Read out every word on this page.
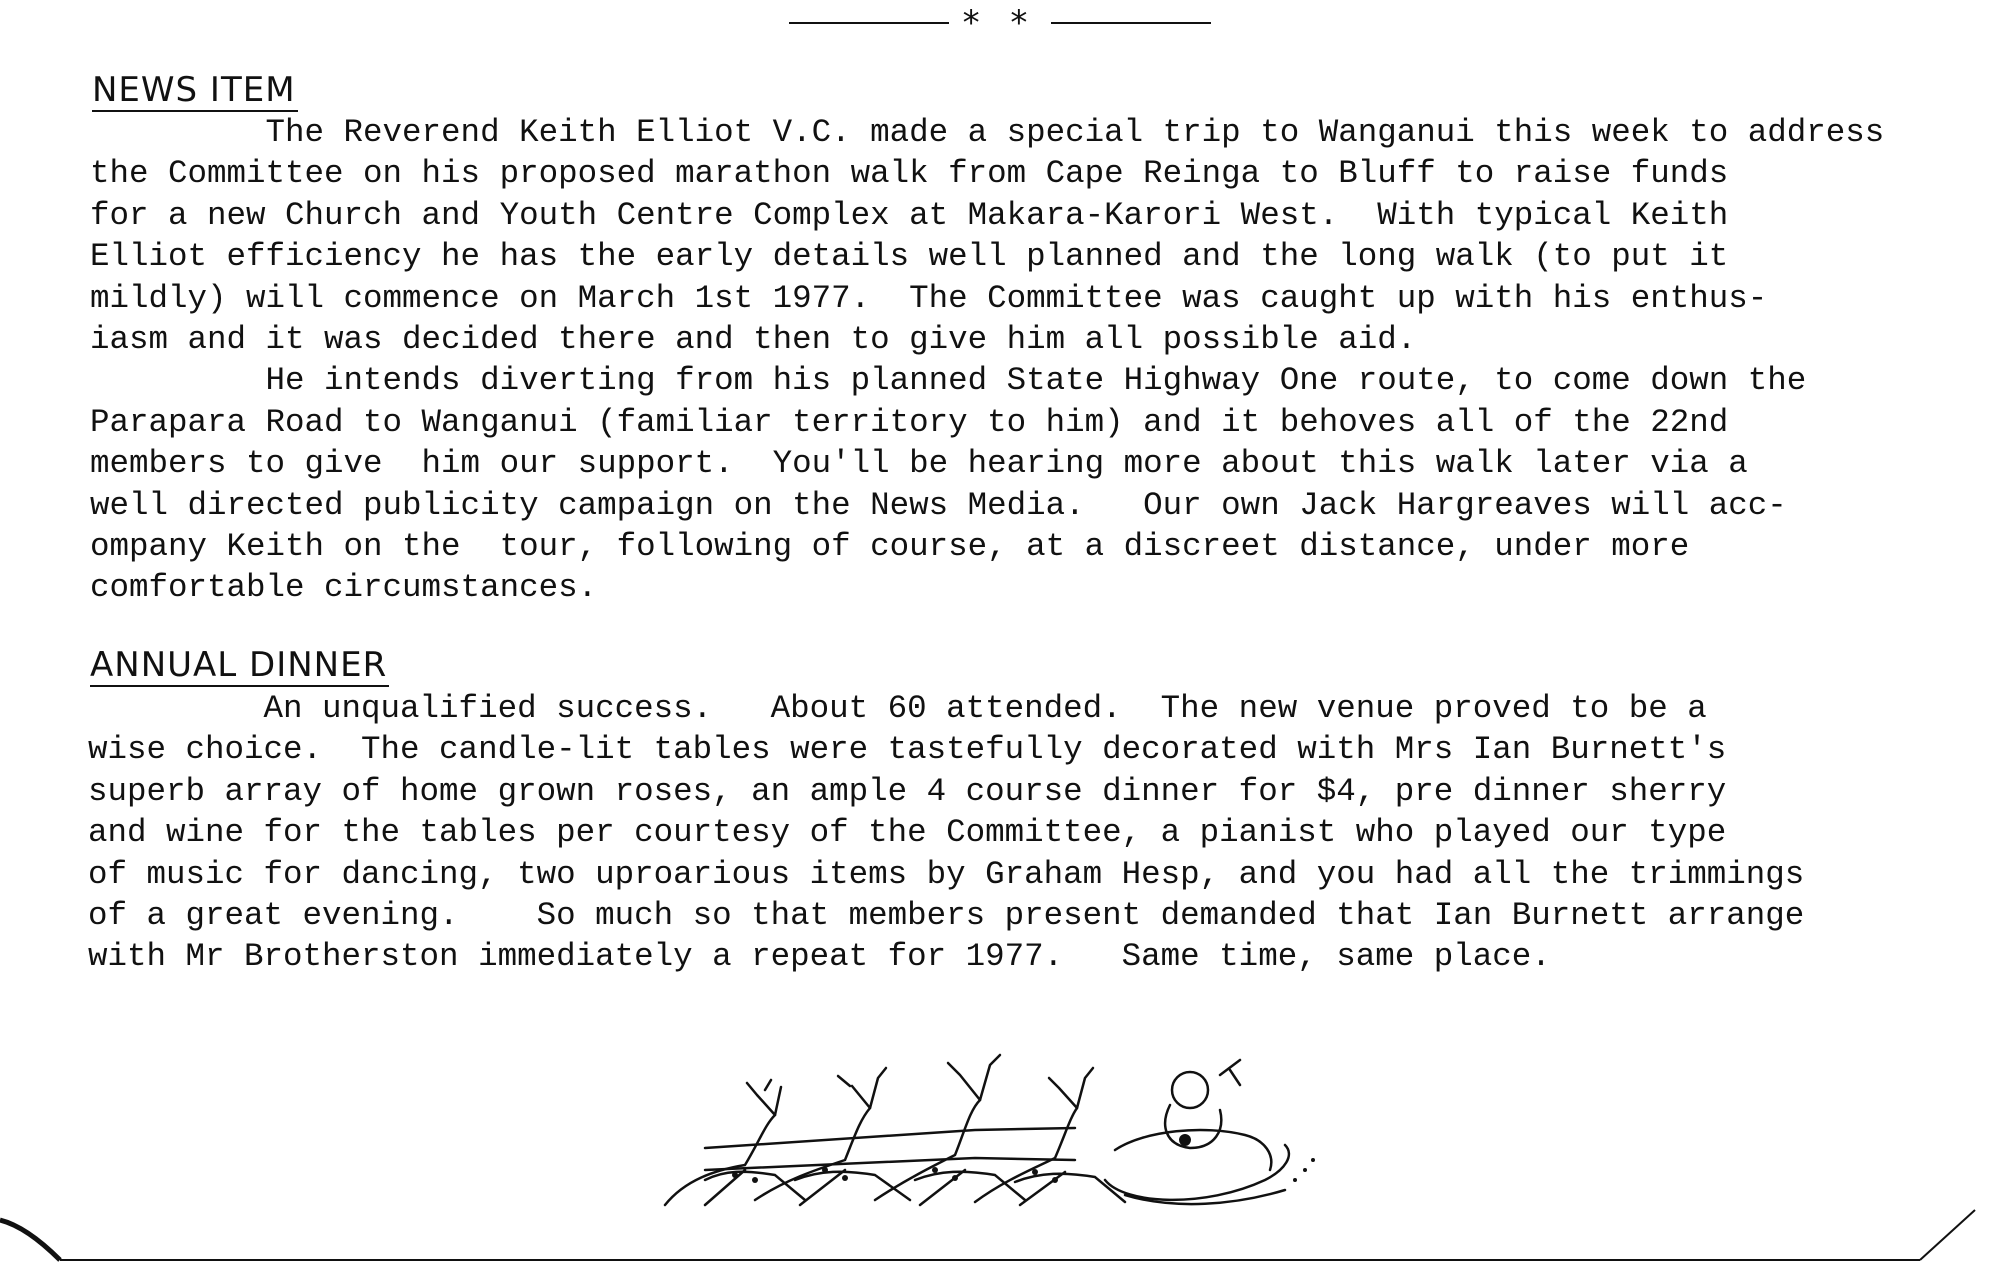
* *
NEWS ITEM
The Reverend Keith Elliot V.C. made a special trip to Wanganui this week to address
the Committee on his proposed marathon walk from Cape Reinga to Bluff to raise funds
for a new Church and Youth Centre Complex at Makara-Karori West.  With typical Keith
Elliot efficiency he has the early details well planned and the long walk (to put it
mildly) will commence on March 1st 1977.  The Committee was caught up with his enthus-
iasm and it was decided there and then to give him all possible aid.
He intends diverting from his planned State Highway One route, to come down the
Parapara Road to Wanganui (familiar territory to him) and it behoves all of the 22nd
members to give  him our support.  You'll be hearing more about this walk later via a
well directed publicity campaign on the News Media.   Our own Jack Hargreaves will acc-
ompany Keith on the  tour, following of course, at a discreet distance, under more
comfortable circumstances.
ANNUAL DINNER
An unqualified success.   About 60 attended.  The new venue proved to be a
wise choice.  The candle-lit tables were tastefully decorated with Mrs Ian Burnett's
superb array of home grown roses, an ample 4 course dinner for $4, pre dinner sherry
and wine for the tables per courtesy of the Committee, a pianist who played our type
of music for dancing, two uproarious items by Graham Hesp, and you had all the trimmings
of a great evening.    So much so that members present demanded that Ian Burnett arrange
with Mr Brotherston immediately a repeat for 1977.   Same time, same place.
